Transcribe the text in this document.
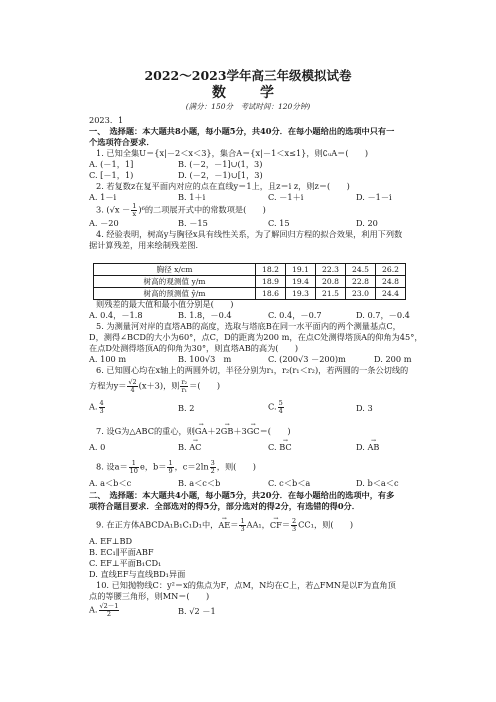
2022～2023学年高三年级模拟试卷
数　学
(满分：150分　考试时间：120分钟)
2023．1
一、　选择题：本大题共8小题，每小题5分，共40分．在每小题给出的选项中只有一
个选项符合要求．
1. 已知全集U＝{x|－2＜x＜3}，集合A＝{x|－1＜x≤1}，则∁ᵤA＝(　　)
A. (－1，1]	B. (－2，－1]∪(1，3)
C. [－1，1)	D. (－2，－1)∪[1，3)
2. 若复数z在复平面内对应的点在直线y＝1上，且z＝i z，则z＝(　　)
A. 1－i	B. 1＋i	C. －1＋i	D. －1－i
3. $(√x - \frac{1}{x} )^6$的二项展开式中的常数项是(　　)
A. －20	B. －15	C. 15	D. 20
4. 经验表明，树高y与胸径x具有线性关系，为了解回归方程的拟合效果，利用下列数
据计算残差，用来绘制残差图．
胸径 x/cm	18.2	19.1	22.3	24.5	26.2
树高的观测值 y/m	18.9	19.4	20.8	22.8	24.8
树高的预测值 ŷ/m	18.6	19.3	21.5	23.0	24.4
则残差的最大值和最小值分别是(　　)
A. 0.4，－1.8	B. 1.8，－0.4	C. 0.4，－0.7	D. 0.7，－0.4
5. 为测量河对岸的直塔AB的高度，选取与塔底B在同一水平面内的两个测量基点C，
D，测得∠BCD的大小为60°，点C，D的距离为200 m，在点C处测得塔顶A的仰角为45°，
在点D处测得塔顶A的仰角为30°，则直塔AB的高为(　　)
A. 100 m	B. 100√3　m	C. (200√3 －200)m	D. 200 m
6. 已知圆心均在x轴上的两圆外切，半径分别为r₁，r₂(r₁＜r₂)，若两圆的一条公切线的
方程为$y= \frac{√2}{4} (x+3)$，则 $\frac{\text{r₂}}{\text{r₁}}$ ＝(　　)
A. $\frac{4}{3}$	B. 2	C. $\frac{5}{4}$	D. 3
7. 设G为△ABC的重心，则→ GA＋2→ GB＋3→ GC＝(　　)
A. 0	B. → AC	C. → BC	D. → AB
8. 设$a= \frac{1}{10}$ e，$b= \frac{1}{9}$ ，$c=2\ln \frac{3}{2}$ ，则(　　)
A. a＜b＜c	B. a＜c＜b	C. c＜b＜a	D. b＜a＜c
二、　选择题：本大题共4小题，每小题5分，共20分．在每小题给出的选项中，有多
项符合题目要求．全部选对的得5分，部分选对的得2分，有选错的得0分．
9. 在正方体ABCDA₁B₁C₁D₁中，→ $AE= \frac{1}{3} AA_1$，→ $CF= \frac{2}{3} CC_1$，则(　　)
A. EF⊥BD
B. EC₁∥平面ABF
C. EF⊥平面B₁CD₁
D. 直线EF与直线BD₁异面
10. 已知抛物线C：y²＝x的焦点为F，点M，N均在C上，若△FMN是以F为直角顶
点的等腰三角形，则MN＝(　　)
A. $\frac{√2-1}{2}$	B. √2 －1
